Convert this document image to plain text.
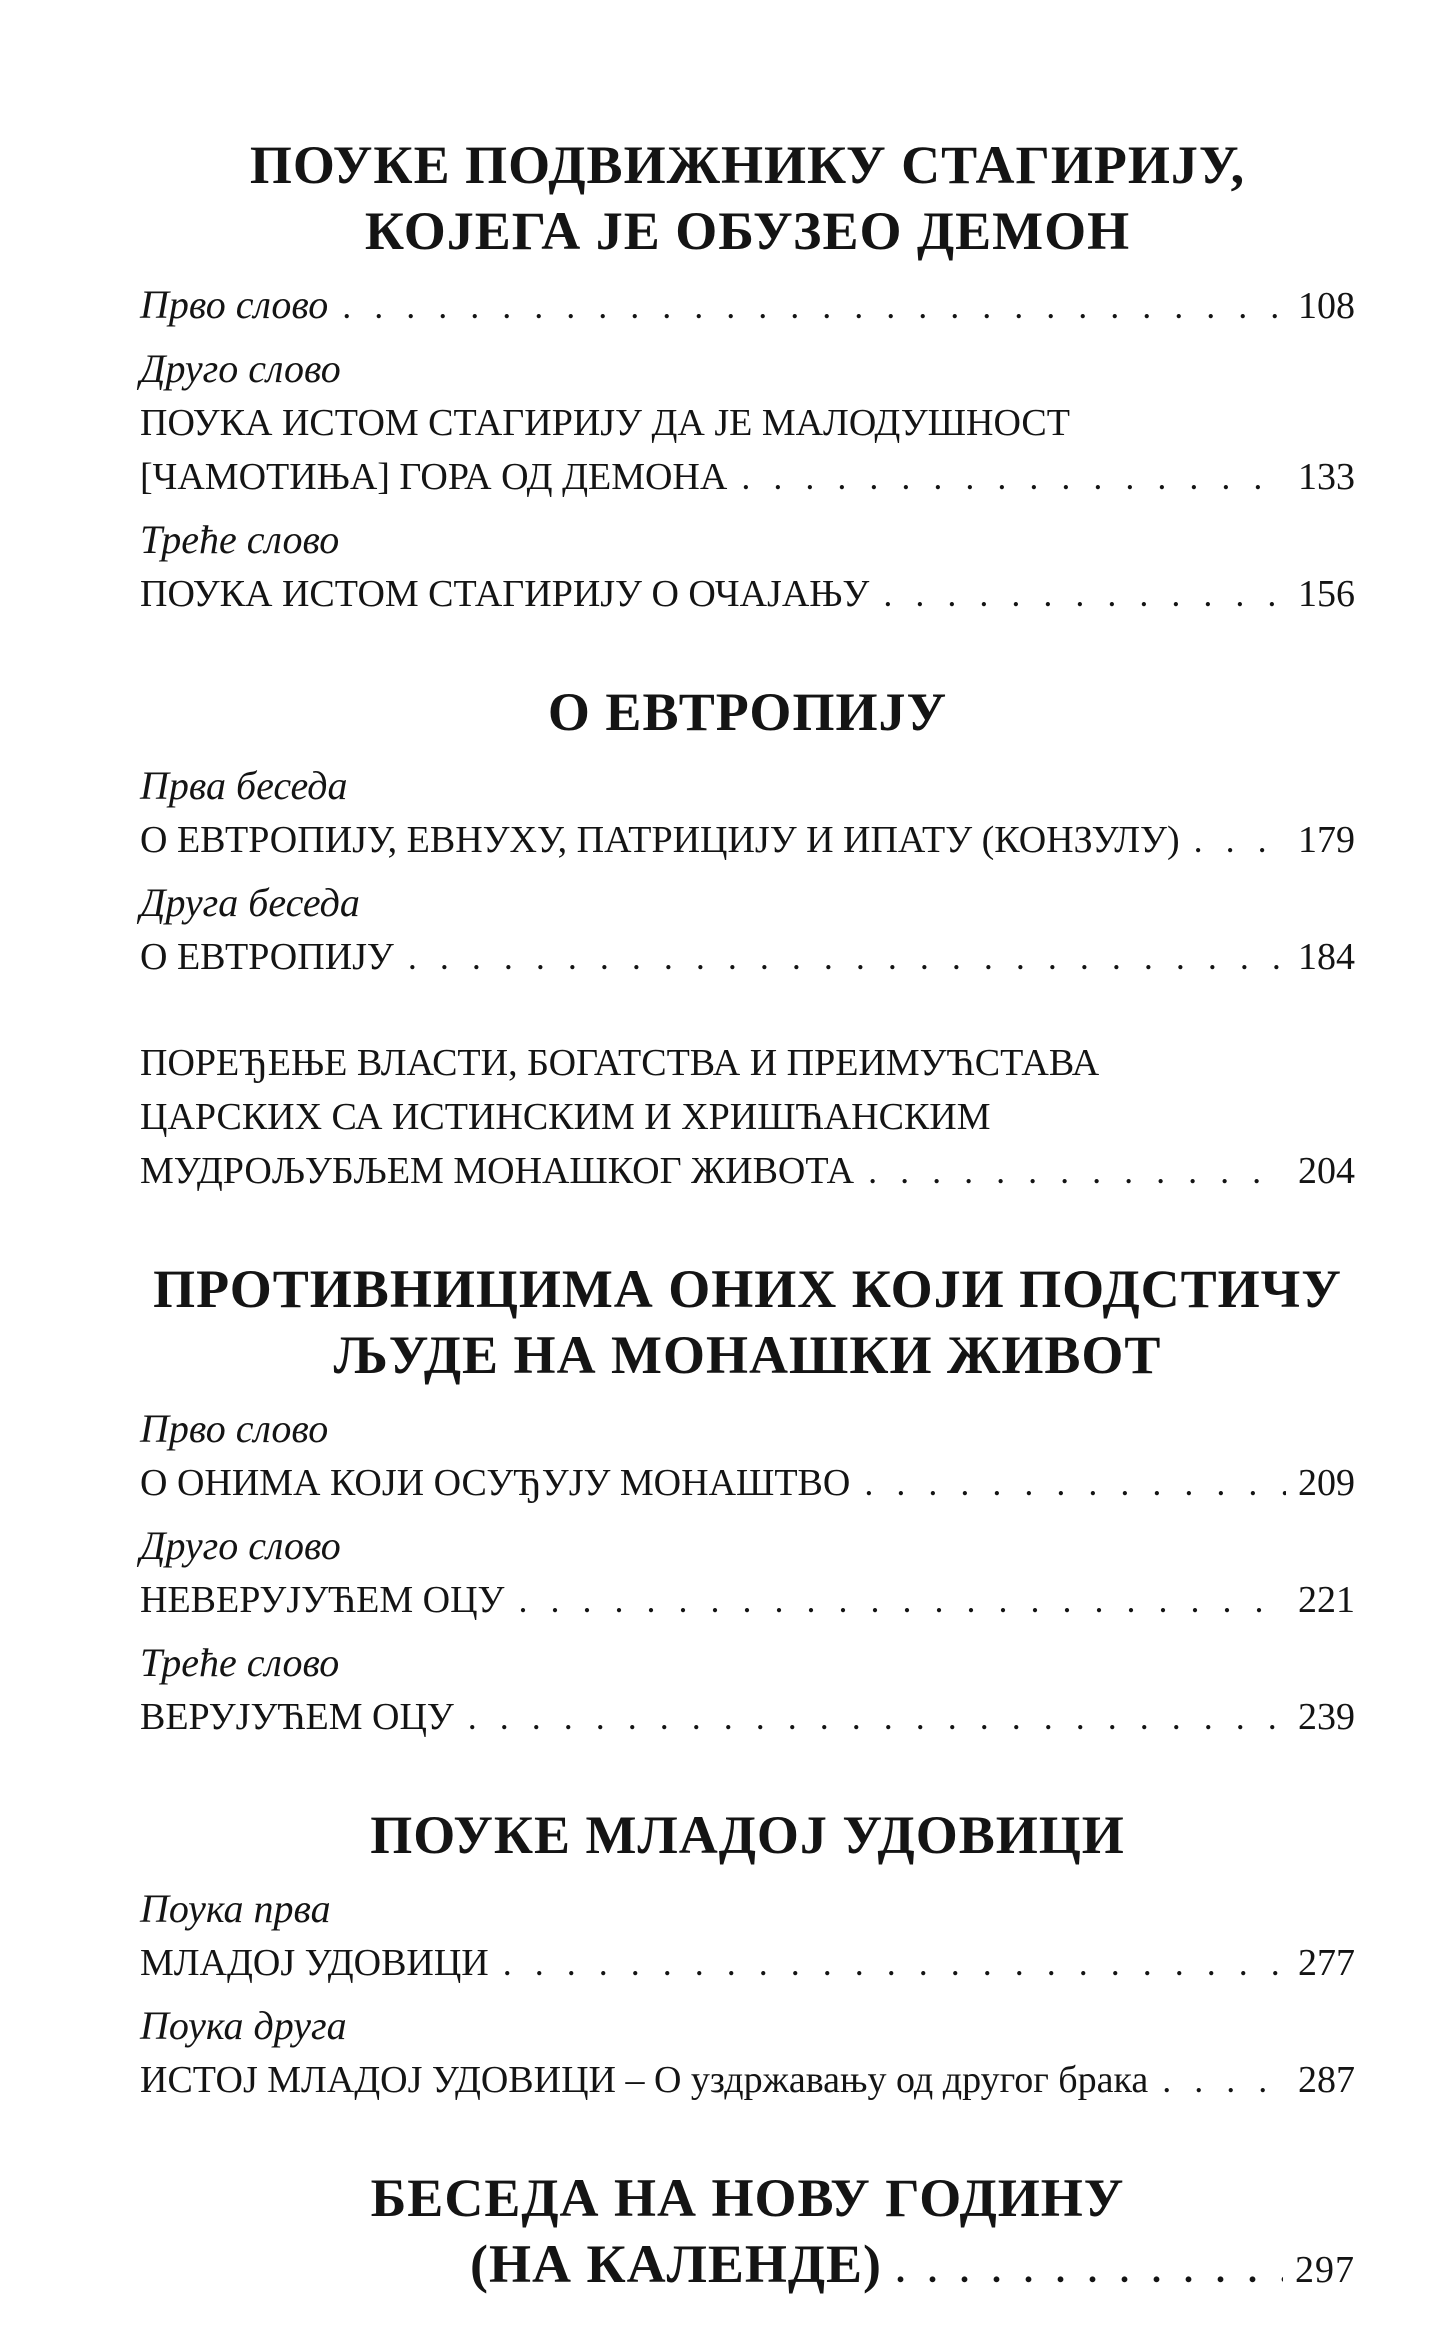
ПОУКЕ ПОДВИЖНИКУ СТАГИРИЈУ,
КОЈЕГА ЈЕ ОБУЗЕО ДЕМОН
Прво слово . . .	108
Друго слово
ПОУКА ИСТОМ СТАГИРИЈУ ДА ЈЕ МАЛОДУШНОСТ
[ЧАМОТИЊА] ГОРА ОД ДЕМОНА . . .	133
Треће слово
ПОУКА ИСТОМ СТАГИРИЈУ О ОЧАЈАЊУ . . .	156
О ЕВТРОПИЈУ
Прва беседа
О ЕВТРОПИЈУ, ЕВНУХУ, ПАТРИЦИЈУ И ИПАТУ (КОНЗУЛУ) . . .	179
Друга беседа
О ЕВТРОПИЈУ . . .	184
ПОРЕЂЕЊЕ ВЛАСТИ, БОГАТСТВА И ПРЕИМУЋСТАВА
ЦАРСКИХ СА ИСТИНСКИМ И ХРИШЋАНСКИМ
МУДРОЉУБЉЕМ МОНАШКОГ ЖИВОТА . . .	204
ПРОТИВНИЦИМА ОНИХ КОЈИ ПОДСТИЧУ
ЉУДЕ НА МОНАШКИ ЖИВОТ
Прво слово
О ОНИМА КОЈИ ОСУЂУЈУ МОНАШТВО . . .	209
Друго слово
НЕВЕРУЈУЋЕМ ОЦУ . . .	221
Треће слово
ВЕРУЈУЋЕМ ОЦУ . . .	239
ПОУКЕ МЛАДОЈ УДОВИЦИ
Поука прва
МЛАДОЈ УДОВИЦИ . . .	277
Поука друга
ИСТОЈ МЛАДОЈ УДОВИЦИ – О уздржавању од другог брака . . .	287
БЕСЕДА НА НОВУ ГОДИНУ
(НА КАЛЕНДЕ) . . .	297
